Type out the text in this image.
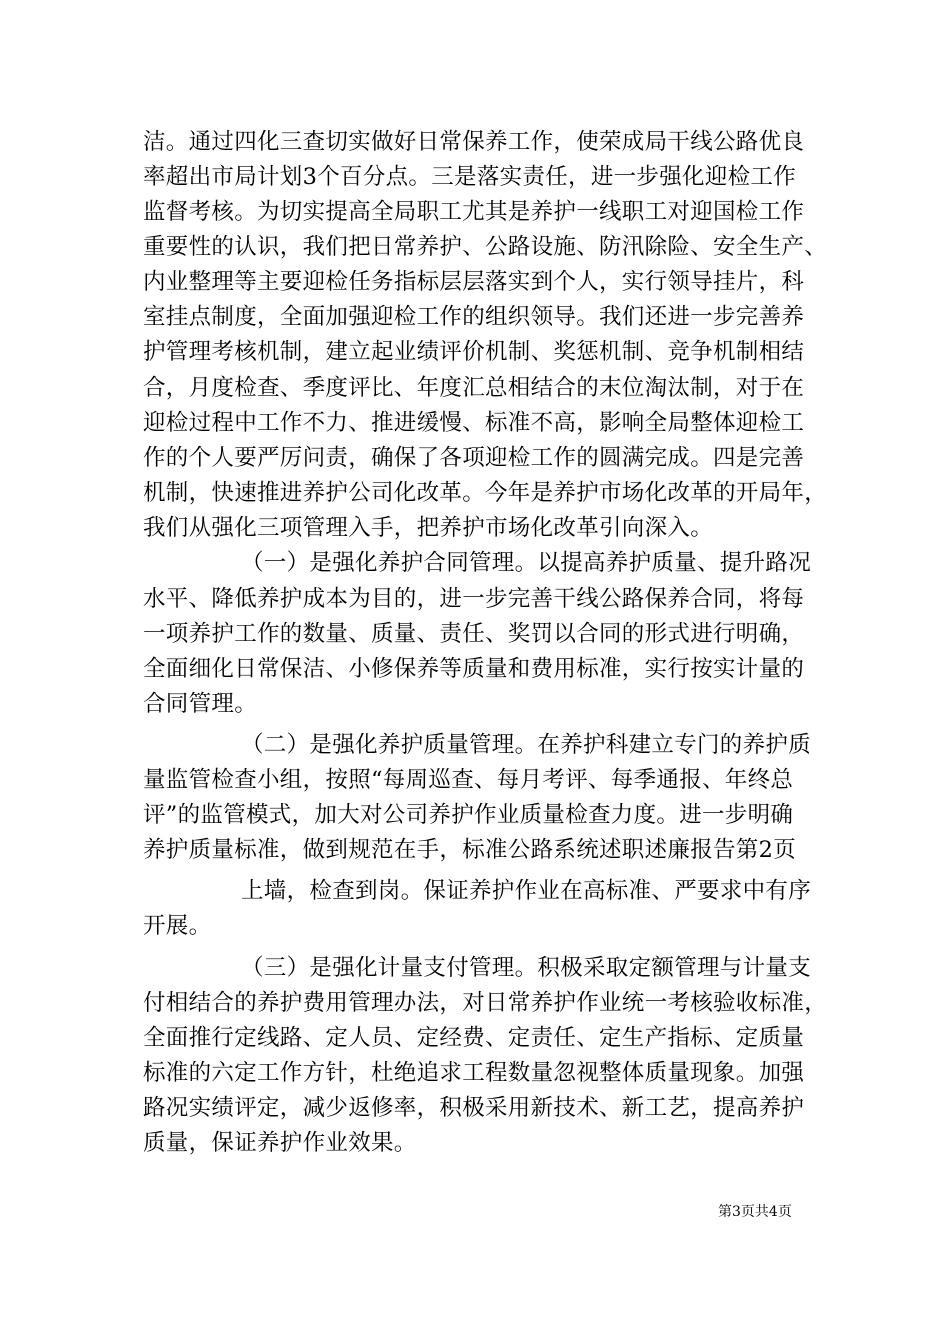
洁。通过四化三查切实做好日常保养工作，使荣成局干线公路优良
率超出市局计划3个百分点。三是落实责任，进一步强化迎检工作
监督考核。为切实提高全局职工尤其是养护一线职工对迎国检工作
重要性的认识，我们把日常养护、公路设施、防汛除险、安全生产、
内业整理等主要迎检任务指标层层落实到个人，实行领导挂片，科
室挂点制度，全面加强迎检工作的组织领导。我们还进一步完善养
护管理考核机制，建立起业绩评价机制、奖惩机制、竞争机制相结
合，月度检查、季度评比、年度汇总相结合的末位淘汰制，对于在
迎检过程中工作不力、推进缓慢、标准不高，影响全局整体迎检工
作的个人要严厉问责，确保了各项迎检工作的圆满完成。四是完善
机制，快速推进养护公司化改革。今年是养护市场化改革的开局年，
我们从强化三项管理入手，把养护市场化改革引向深入。
（一）是强化养护合同管理。以提高养护质量、提升路况
水平、降低养护成本为目的，进一步完善干线公路保养合同，将每
一项养护工作的数量、质量、责任、奖罚以合同的形式进行明确，
全面细化日常保洁、小修保养等质量和费用标准，实行按实计量的
合同管理。
（二）是强化养护质量管理。在养护科建立专门的养护质
量监管检查小组，按照“每周巡查、每月考评、每季通报、年终总
评”的监管模式，加大对公司养护作业质量检查力度。进一步明确
养护质量标准，做到规范在手，标准公路系统述职述廉报告第2页
上墙，检查到岗。保证养护作业在高标准、严要求中有序
开展。
（三）是强化计量支付管理。积极采取定额管理与计量支
付相结合的养护费用管理办法，对日常养护作业统一考核验收标准，
全面推行定线路、定人员、定经费、定责任、定生产指标、定质量
标准的六定工作方针，杜绝追求工程数量忽视整体质量现象。加强
路况实绩评定，减少返修率，积极采用新技术、新工艺，提高养护
质量，保证养护作业效果。
第3页共4页
